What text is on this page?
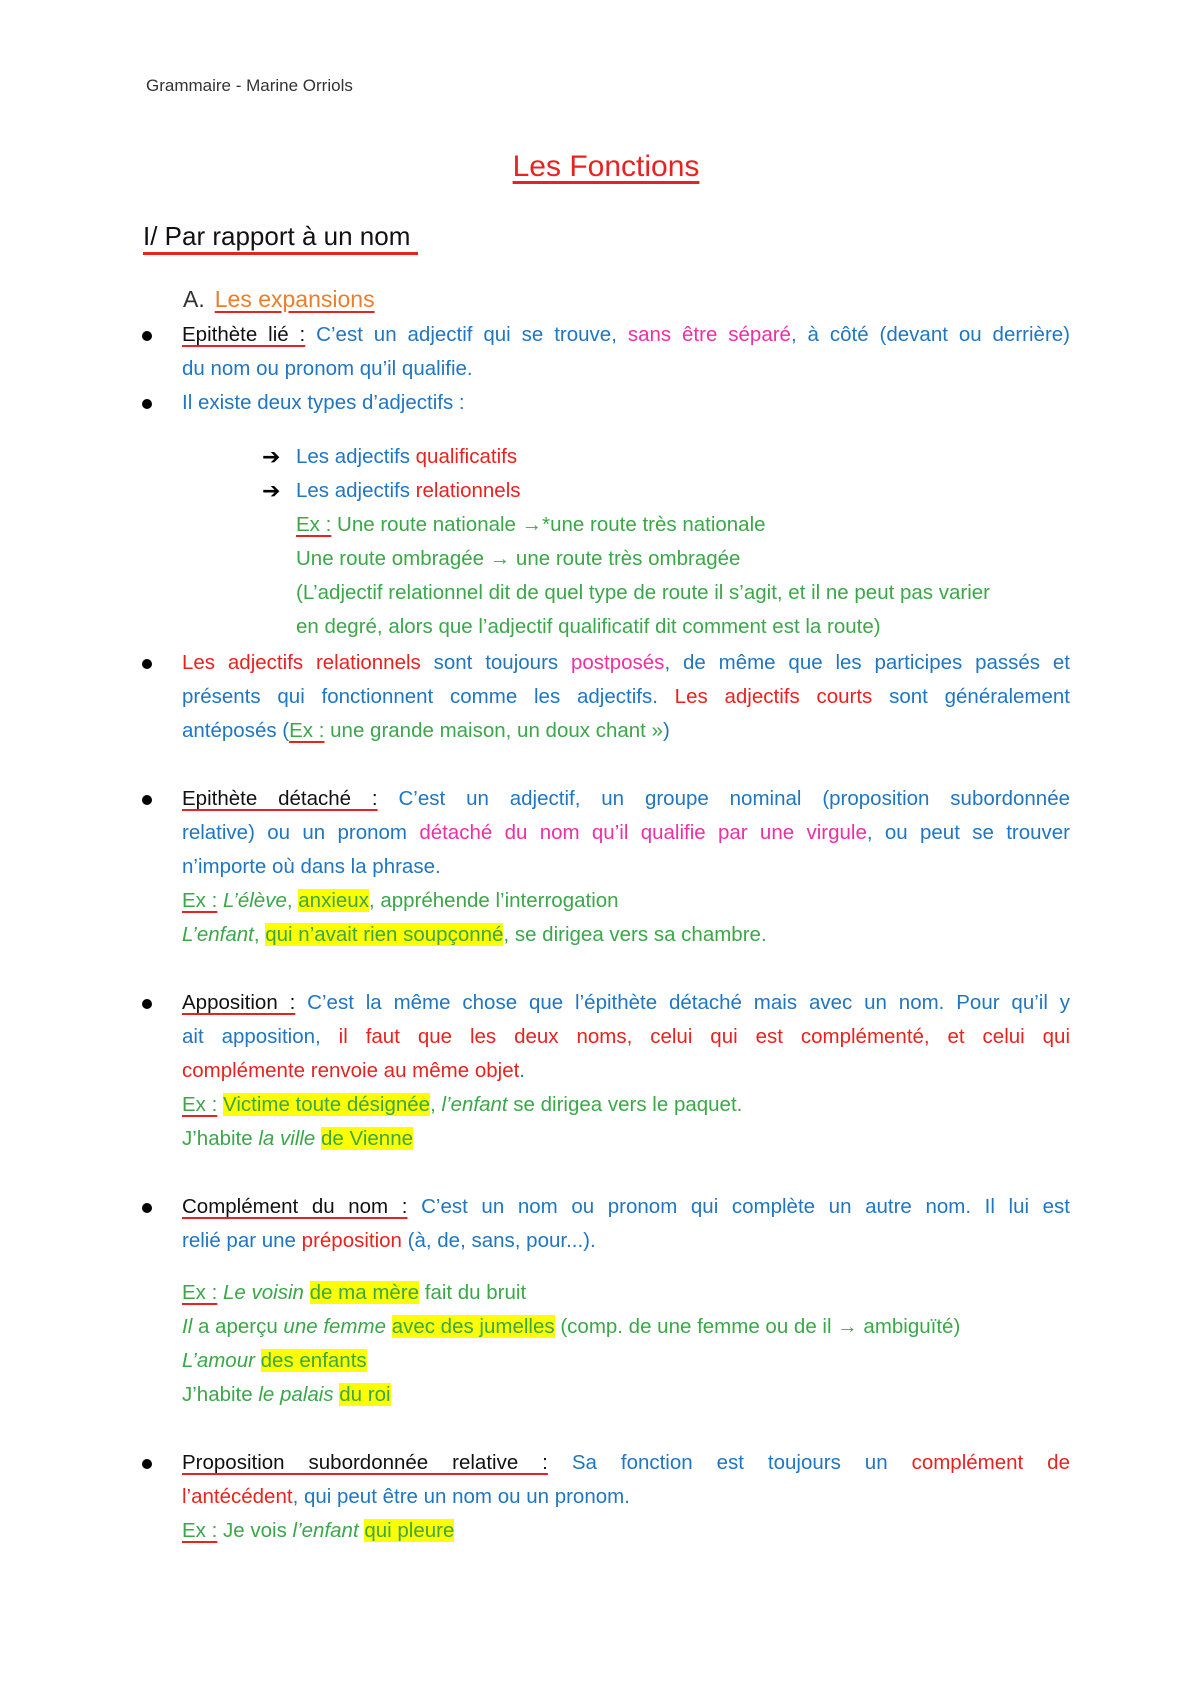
Grammaire - Marine Orriols
Les Fonctions
I/ Par rapport à un nom
A. Les expansions
Epithète lié : C’est un adjectif qui se trouve, sans être séparé, à côté (devant ou derrière)
du nom ou pronom qu’il qualifie.
Il existe deux types d’adjectifs :
➔ Les adjectifs qualificatifs
➔ Les adjectifs relationnels
Ex : Une route nationale →*une route très nationale
Une route ombragée → une route très ombragée
(L’adjectif relationnel dit de quel type de route il s’agit, et il ne peut pas varier
en degré, alors que l’adjectif qualificatif dit comment est la route)
Les adjectifs relationnels sont toujours postposés, de même que les participes passés et
présents qui fonctionnent comme les adjectifs. Les adjectifs courts sont généralement
antéposés (Ex : une grande maison, un doux chant »)
Epithète détaché : C’est un adjectif, un groupe nominal (proposition subordonnée
relative) ou un pronom détaché du nom qu’il qualifie par une virgule, ou peut se trouver
n’importe où dans la phrase.
Ex : L’élève, anxieux, appréhende l’interrogation
L’enfant, qui n’avait rien soupçonné, se dirigea vers sa chambre.
Apposition : C’est la même chose que l’épithète détaché mais avec un nom. Pour qu’il y
ait apposition, il faut que les deux noms, celui qui est complémenté, et celui qui
complémente renvoie au même objet.
Ex : Victime toute désignée, l’enfant se dirigea vers le paquet.
J’habite la ville de Vienne
Complément du nom : C’est un nom ou pronom qui complète un autre nom. Il lui est
relié par une préposition (à, de, sans, pour...).
Ex : Le voisin de ma mère fait du bruit
Il a aperçu une femme avec des jumelles (comp. de une femme ou de il → ambiguïté)
L’amour des enfants
J’habite le palais du roi
Proposition subordonnée relative : Sa fonction est toujours un complément de
l’antécédent, qui peut être un nom ou un pronom.
Ex : Je vois l’enfant qui pleure
